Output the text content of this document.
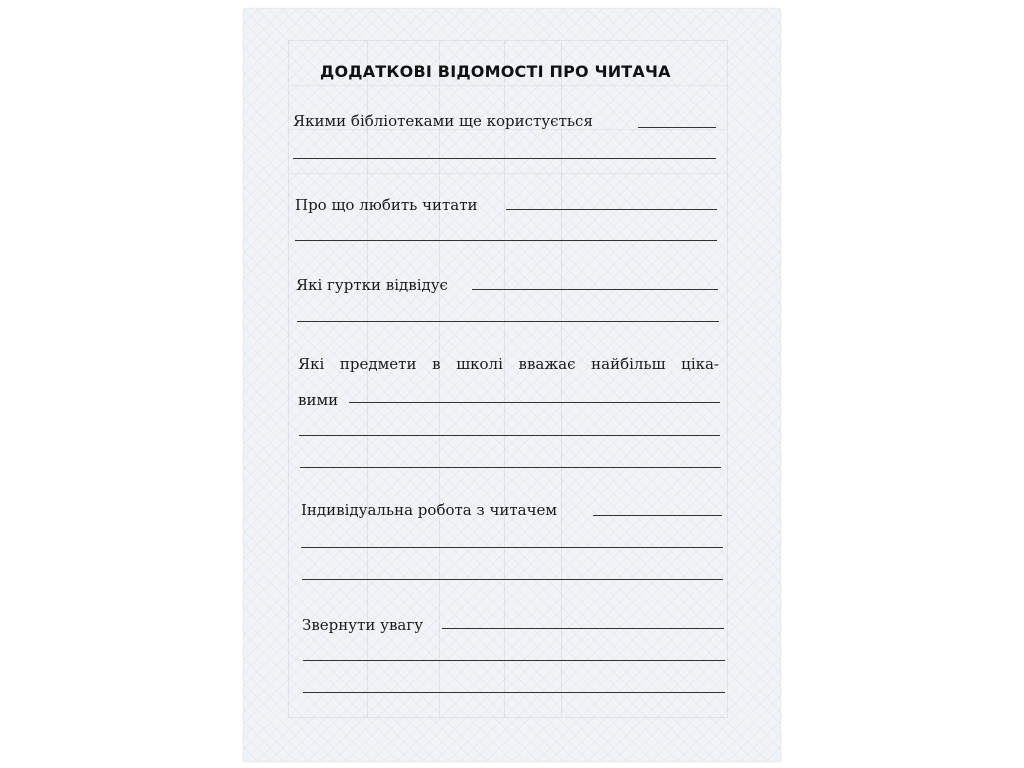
ДОДАТКОВІ ВІДОМОСТІ ПРО ЧИТАЧА
Якими бібліотеками ще користується
Про що любить читати
Які гуртки відвідує
Які предмети в школі вважає найбільш ціка-
вими
Індивідуальна робота з читачем
Звернути увагу
